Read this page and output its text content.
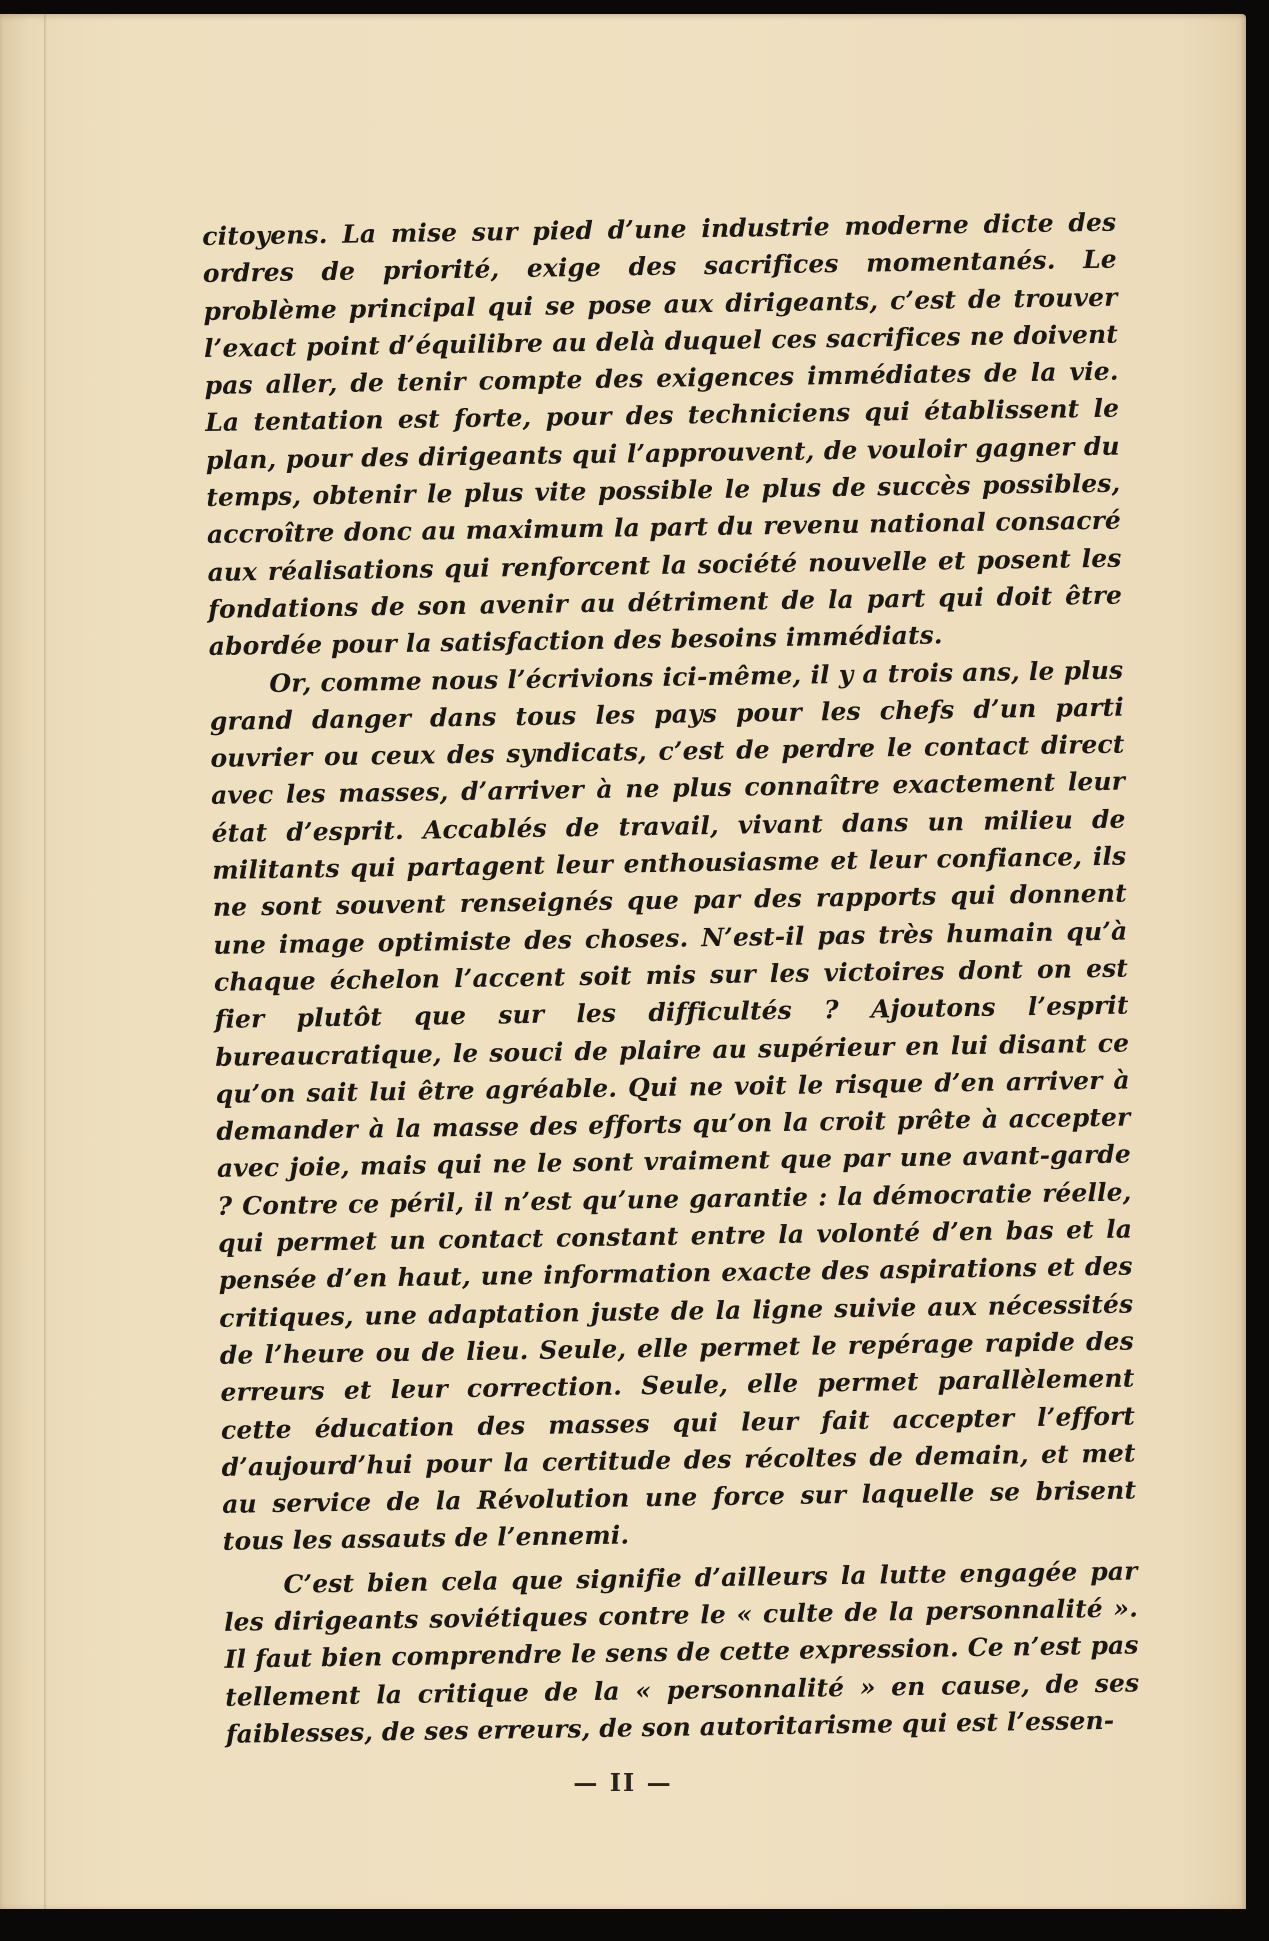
citoyens. La mise sur pied d’une industrie moderne dicte des ordres de priorité, exige des sacrifices momentanés. Le problème principal qui se pose aux dirigeants, c’est de trouver l’exact point d’équilibre au delà duquel ces sacrifices ne doivent pas aller, de tenir compte des exigences immédiates de la vie. La tentation est forte, pour des techniciens qui établissent le plan, pour des dirigeants qui l’approuvent, de vouloir gagner du temps, obtenir le plus vite possible le plus de succès possibles, accroître donc au maximum la part du revenu national consacré aux réalisations qui renforcent la société nouvelle et posent les fondations de son avenir au détriment de la part qui doit être abordée pour la satisfaction des besoins immédiats.

Or, comme nous l’écrivions ici-même, il y a trois ans, le plus grand danger dans tous les pays pour les chefs d’un parti ouvrier ou ceux des syndicats, c’est de perdre le contact direct avec les masses, d’arriver à ne plus connaître exactement leur état d’esprit. Accablés de travail, vivant dans un milieu de militants qui partagent leur enthousiasme et leur confiance, ils ne sont souvent renseignés que par des rapports qui donnent une image optimiste des choses. N’est-il pas très humain qu’à chaque échelon l’accent soit mis sur les victoires dont on est fier plutôt que sur les difficultés ? Ajoutons l’esprit bureaucratique, le souci de plaire au supérieur en lui disant ce qu’on sait lui être agréable. Qui ne voit le risque d’en arriver à demander à la masse des efforts qu’on la croit prête à accepter avec joie, mais qui ne le sont vraiment que par une avant-garde ? Contre ce péril, il n’est qu’une garantie : la démocratie réelle, qui permet un contact constant entre la volonté d’en bas et la pensée d’en haut, une information exacte des aspirations et des critiques, une adaptation juste de la ligne suivie aux nécessités de l’heure ou de lieu. Seule, elle permet le repérage rapide des erreurs et leur correction. Seule, elle permet parallèlement cette éducation des masses qui leur fait accepter l’effort d’aujourd’hui pour la certitude des récoltes de demain, et met au service de la Révolution une force sur laquelle se brisent tous les assauts de l’ennemi.

C’est bien cela que signifie d’ailleurs la lutte engagée par les dirigeants soviétiques contre le « culte de la personnalité ». Il faut bien comprendre le sens de cette expression. Ce n’est pas tellement la critique de la « personnalité » en cause, de ses faiblesses, de ses erreurs, de son autoritarisme qui est l’essen-

— II —
